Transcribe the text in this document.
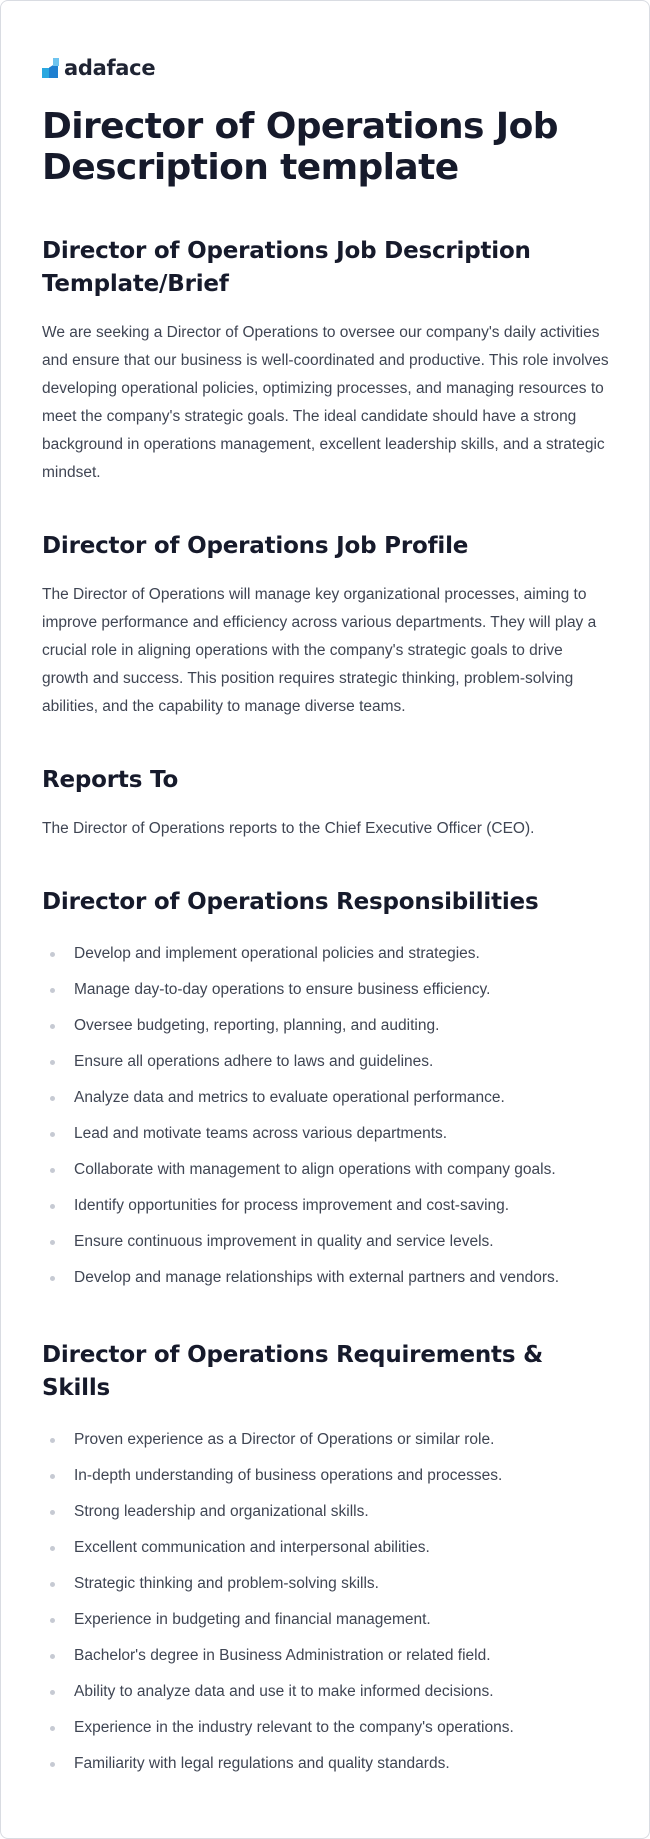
adaface
Director of Operations Job Description template
Director of Operations Job Description Template/Brief

We are seeking a Director of Operations to oversee our company's daily activities and ensure that our business is well-coordinated and productive. This role involves developing operational policies, optimizing processes, and managing resources to meet the company's strategic goals. The ideal candidate should have a strong background in operations management, excellent leadership skills, and a strategic mindset.

Director of Operations Job Profile

The Director of Operations will manage key organizational processes, aiming to improve performance and efficiency across various departments. They will play a crucial role in aligning operations with the company's strategic goals to drive growth and success. This position requires strategic thinking, problem-solving abilities, and the capability to manage diverse teams.

Reports To

The Director of Operations reports to the Chief Executive Officer (CEO).

Director of Operations Responsibilities
Develop and implement operational policies and strategies.
Manage day-to-day operations to ensure business efficiency.
Oversee budgeting, reporting, planning, and auditing.
Ensure all operations adhere to laws and guidelines.
Analyze data and metrics to evaluate operational performance.
Lead and motivate teams across various departments.
Collaborate with management to align operations with company goals.
Identify opportunities for process improvement and cost-saving.
Ensure continuous improvement in quality and service levels.
Develop and manage relationships with external partners and vendors.
Director of Operations Requirements & Skills
Proven experience as a Director of Operations or similar role.
In-depth understanding of business operations and processes.
Strong leadership and organizational skills.
Excellent communication and interpersonal abilities.
Strategic thinking and problem-solving skills.
Experience in budgeting and financial management.
Bachelor's degree in Business Administration or related field.
Ability to analyze data and use it to make informed decisions.
Experience in the industry relevant to the company's operations.
Familiarity with legal regulations and quality standards.
